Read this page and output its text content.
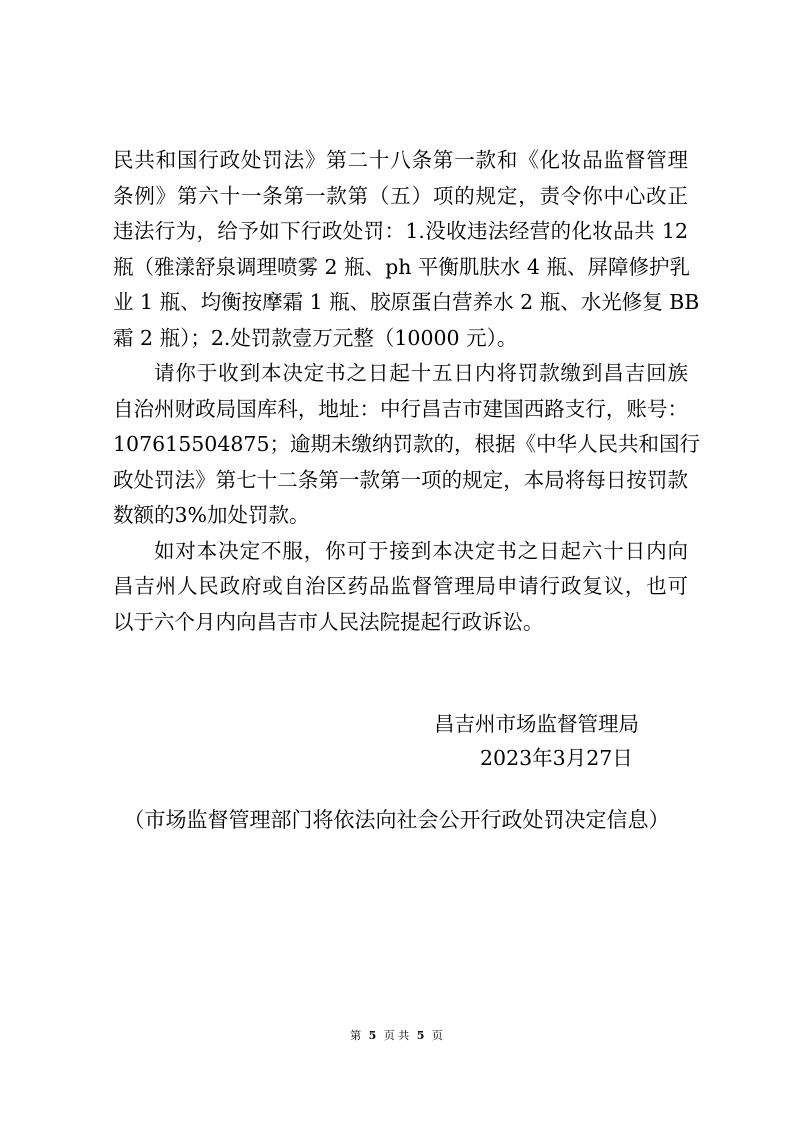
民共和国行政处罚法》第二十八条第一款和《化妆品监督管理
条例》第六十一条第一款第（五）项的规定，责令你中心改正
违法行为，给予如下行政处罚：1.没收违法经营的化妆品共 12
瓶（雅漾舒泉调理喷雾 2 瓶、ph 平衡肌肤水 4 瓶、屏障修护乳
业 1 瓶、均衡按摩霜 1 瓶、胶原蛋白营养水 2 瓶、水光修复 BB
霜 2 瓶）；2.处罚款壹万元整（10000 元）。

请你于收到本决定书之日起十五日内将罚款缴到昌吉回族
自治州财政局国库科，地址：中行昌吉市建国西路支行，账号：
107615504875；逾期未缴纳罚款的，根据《中华人民共和国行
政处罚法》第七十二条第一款第一项的规定，本局将每日按罚款
数额的3%加处罚款。

如对本决定不服，你可于接到本决定书之日起六十日内向
昌吉州人民政府或自治区药品监督管理局申请行政复议，也可
以于六个月内向昌吉市人民法院提起行政诉讼。

昌吉州市场监督管理局
2023年3月27日
（市场监督管理部门将依法向社会公开行政处罚决定信息）
第 5 页 共 5 页
